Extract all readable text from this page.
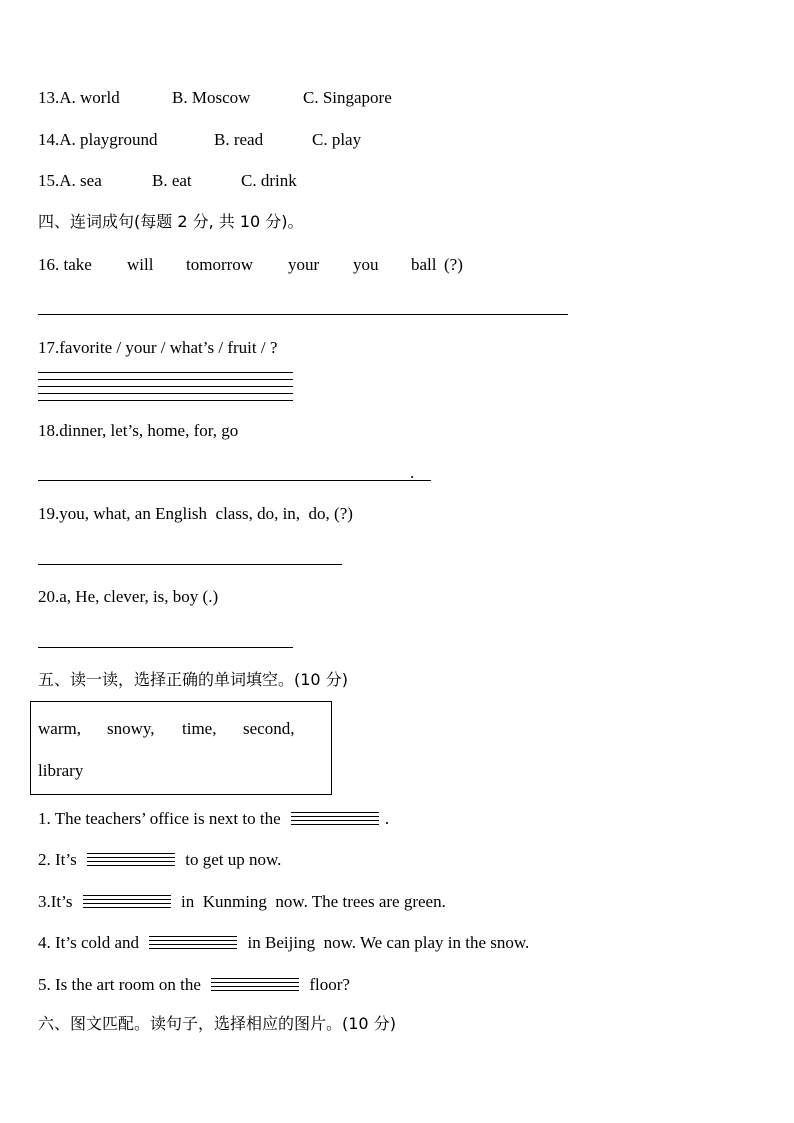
13.A. world	B. Moscow	C. Singapore
14.A. playground	B. read	C. play
15.A. sea	B. eat	C. drink
四、连词成句(每题 2 分, 共 10 分)。
16. take will tomorrow your you ball (?)
17.favorite / your / what’s / fruit / ?
18.dinner, let’s, home, for, go
.
19.you, what, an English  class, do, in,  do, (?)
20.a, He, clever, is, boy (.)
五、读一读，选择正确的单词填空。(10 分)
warm, snowy, time, second,
library
1. The teachers’ office is next to the	.
2. It’s	to get up now.
3.It’s	in  Kunming  now. The trees are green.
4. It’s cold and	in Beijing  now. We can play in the snow.
5. Is the art room on the	floor?
六、图文匹配。读句子，选择相应的图片。(10 分)
